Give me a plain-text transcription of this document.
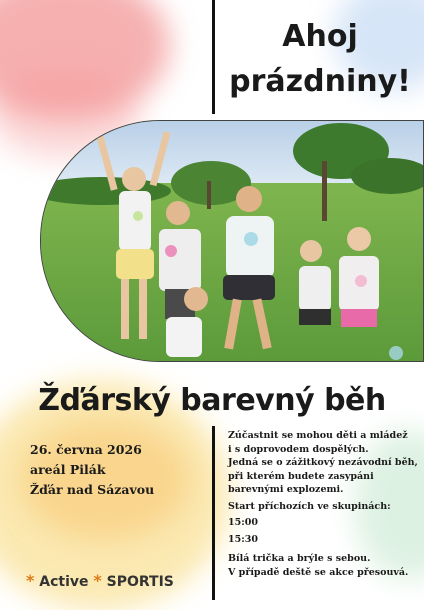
Ahoj
prázdniny!
Žďárský barevný běh
26. června 2026
areál Pilák
Žďár nad Sázavou
Zúčastnit se mohou děti a mládež
i s doprovodem dospělých.
Jedná se o zážitkový nezávodní běh,
při kterém budete zasypáni
barevnými explozemi.
Start příchozích ve skupinách:
15:00
15:30
Bílá trička a brýle s sebou.
V případě deště se akce přesouvá.
* Active * SPORTIS
